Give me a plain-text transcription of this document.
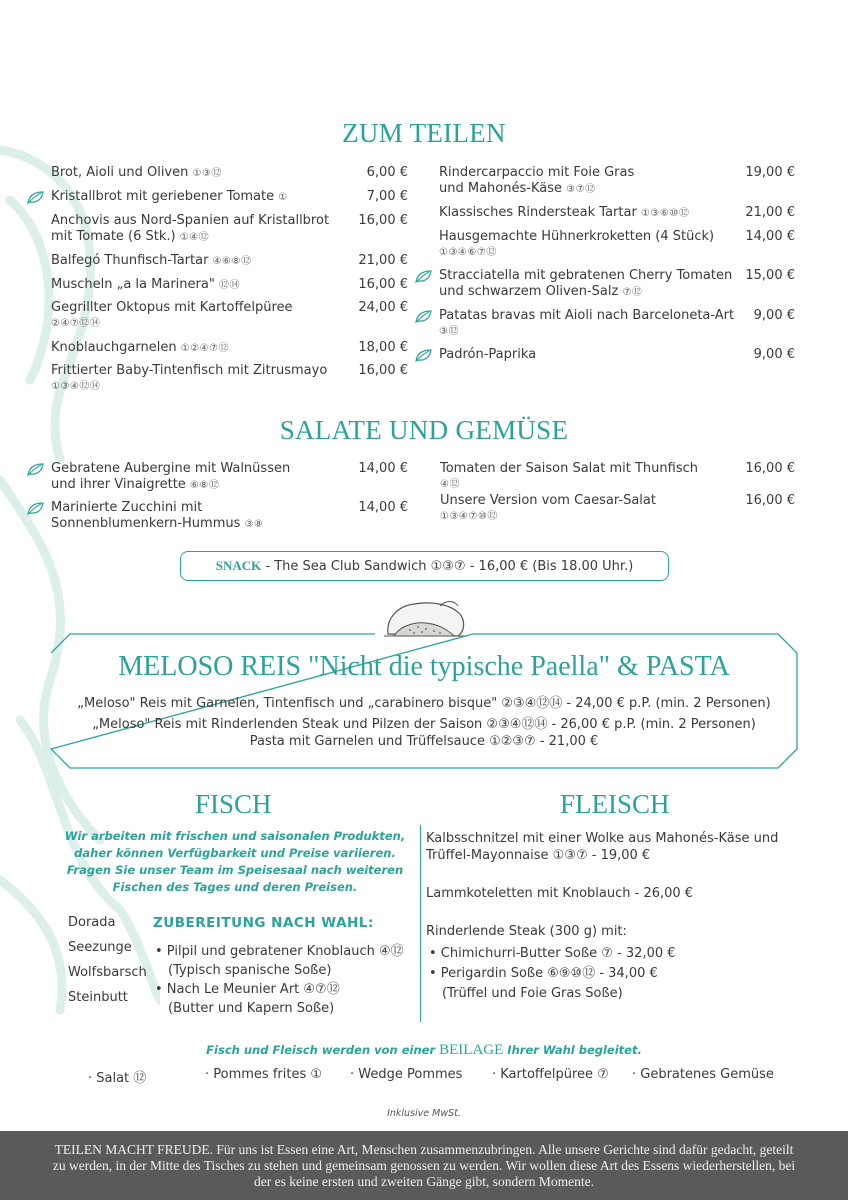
ZUM TEILEN
Brot, Aioli und Oliven ①③⑫	6,00 €
Kristallbrot mit geriebener Tomate ①	7,00 €
Anchovis aus Nord-Spanien auf Kristallbrot
mit Tomate (6 Stk.) ①④⑫
16,00 €
Balfegó Thunfisch-Tartar ④⑥⑧⑫	21,00 €
Muscheln „a la Marinera" ⑫⑭	16,00 €
Gegrillter Oktopus mit Kartoffelpüree
②④⑦⑫⑭
24,00 €
Knoblauchgarnelen ①②④⑦⑫	18,00 €
Frittierter Baby-Tintenfisch mit Zitrusmayo
①③④⑫⑭
16,00 €
Rindercarpaccio mit Foie Gras
und Mahonés-Käse ③⑦⑫
19,00 €
Klassisches Rindersteak Tartar ①③⑥⑩⑫	21,00 €
Hausgemachte Hühnerkroketten (4 Stück)
①③④⑥⑦⑫
14,00 €
Stracciatella mit gebratenen Cherry Tomaten
und schwarzem Oliven-Salz ⑦⑫
15,00 €
Patatas bravas mit Aioli nach Barceloneta-Art
③⑫
9,00 €
Padrón-Paprika	9,00 €
SALATE UND GEMÜSE
Gebratene Aubergine mit Walnüssen
und ihrer Vinaigrette ⑥⑧⑫
14,00 €
Marinierte Zucchini mit
Sonnenblumenkern-Hummus ③⑧
14,00 €
Tomaten der Saison Salat mit Thunfisch
④⑫
16,00 €
Unsere Version vom Caesar-Salat
①③④⑦⑩⑫
16,00 €
SNACK - The Sea Club Sandwich ①③⑦ - 16,00 € (Bis 18.00 Uhr.)
MELOSO REIS "Nicht die typische Paella" & PASTA
„Meloso" Reis mit Garnelen, Tintenfisch und „carabinero bisque" ②③④⑫⑭ - 24,00 € p.P. (min. 2 Personen)
„Meloso" Reis mit Rinderlenden Steak und Pilzen der Saison ②③④⑫⑭ - 26,00 € p.P. (min. 2 Personen)
Pasta mit Garnelen und Trüffelsauce ①②③⑦ - 21,00 €
FISCH
Wir arbeiten mit frischen und saisonalen Produkten,
daher können Verfügbarkeit und Preise variieren.
Fragen Sie unser Team im Speisesaal nach weiteren
Fischen des Tages und deren Preisen.
Dorada
Seezunge
Wolfsbarsch
Steinbutt
ZUBEREITUNG NACH WAHL:
• Pilpil und gebratener Knoblauch ④⑫
(Typisch spanische Soße)
• Nach Le Meunier Art ④⑦⑫
(Butter und Kapern Soße)
FLEISCH
Kalbsschnitzel mit einer Wolke aus Mahonés-Käse und
Trüffel-Mayonnaise ①③⑦ - 19,00 €
Lammkoteletten mit Knoblauch - 26,00 €
Rinderlende Steak (300 g) mit:
• Chimichurri-Butter Soße ⑦ - 32,00 €
• Perigardin Soße ⑥⑨⑩⑫ - 34,00 €
(Trüffel und Foie Gras Soße)
Fisch und Fleisch werden von einer BEILAGE Ihrer Wahl begleitet.
· Salat ⑫	· Pommes frites ① · Wedge Pommes · Kartoffelpüree ⑦ · Gebratenes Gemüse
Inklusive MwSt.
TEILEN MACHT FREUDE. Für uns ist Essen eine Art, Menschen zusammenzubringen. Alle unsere Gerichte sind dafür gedacht, geteilt zu werden, in der Mitte des Tisches zu stehen und gemeinsam genossen zu werden. Wir wollen diese Art des Essens wiederherstellen, bei der es keine ersten und zweiten Gänge gibt, sondern Momente.
